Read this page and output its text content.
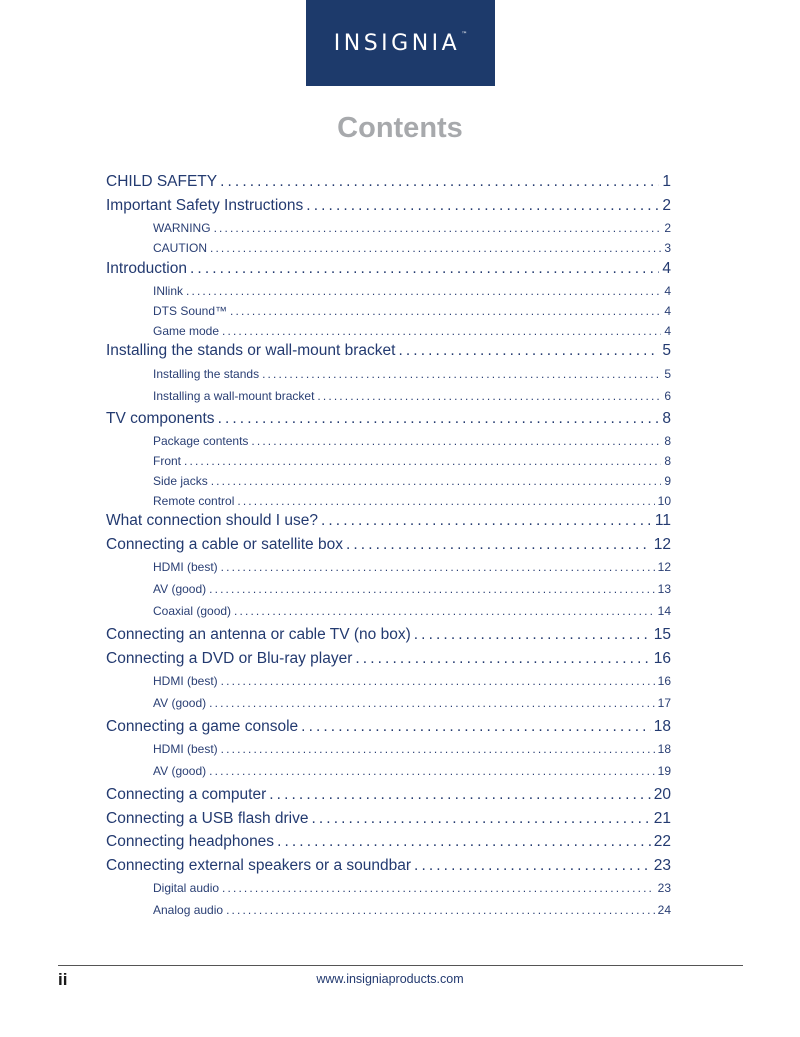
INSIGNIA™
Contents
CHILD SAFETY . . .	1
Important Safety Instructions . . .	2
WARNING . . .	2
CAUTION . . .	3
Introduction . . .	4
INlink . . .	4
DTS Sound™ . . .	4
Game mode . . .	4
Installing the stands or wall-mount bracket . . .	5
Installing the stands . . .	5
Installing a wall-mount bracket . . .	6
TV components . . .	8
Package contents . . .	8
Front . . .	8
Side jacks . . .	9
Remote control . . .	10
What connection should I use? . . .	11
Connecting a cable or satellite box . . .	12
HDMI (best) . . .	12
AV (good) . . .	13
Coaxial (good) . . .	14
Connecting an antenna or cable TV (no box) . . .	15
Connecting a DVD or Blu-ray player . . .	16
HDMI (best) . . .	16
AV (good) . . .	17
Connecting a game console . . .	18
HDMI (best) . . .	18
AV (good) . . .	19
Connecting a computer . . .	20
Connecting a USB flash drive . . .	21
Connecting headphones . . .	22
Connecting external speakers or a soundbar . . .	23
Digital audio . . .	23
Analog audio . . .	24
ii	www.insigniaproducts.com
